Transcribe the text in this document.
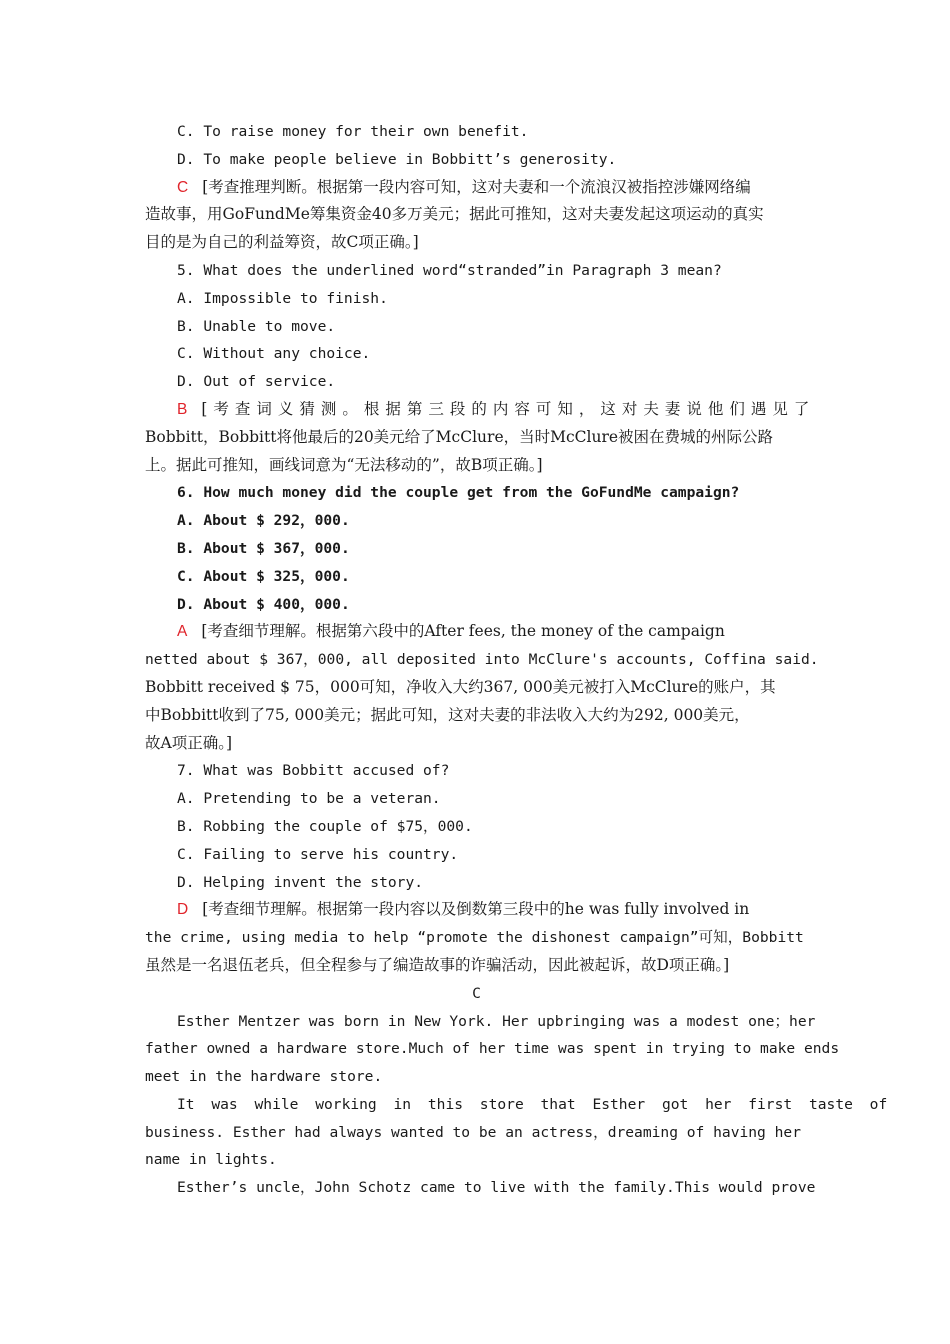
C. To raise money for their own benefit.
D. To make people believe in Bobbitt’s generosity.
C [考查推理判断。根据第一段内容可知，这对夫妻和一个流浪汉被指控涉嫌网络编
造故事，用GoFundMe筹集资金40多万美元；据此可推知，这对夫妻发起这项运动的真实
目的是为自己的利益筹资，故C项正确。]
5. What does the underlined word“stranded”in Paragraph 3 mean?
A. Impossible to finish.
B. Unable to move.
C. Without any choice.
D. Out of service.
B [考查词义猜测。根据第三段的内容可知，这对夫妻说他们遇见了
Bobbitt，Bobbitt将他最后的20美元给了McClure，当时McClure被困在费城的州际公路
上。据此可推知，画线词意为“无法移动的”，故B项正确。]
6. How much money did the couple get from the GoFundMe campaign?
A. About $ 292，000.
B. About $ 367，000.
C. About $ 325，000.
D. About $ 400，000.
A [考查细节理解。根据第六段中的After fees, the money of the campaign
netted about $ 367，000, all deposited into McClure's accounts, Coffina said.
Bobbitt received $ 75，000可知，净收入大约367, 000美元被打入McClure的账户，其
中Bobbitt收到了75, 000美元；据此可知，这对夫妻的非法收入大约为292, 000美元，
故A项正确。]
7. What was Bobbitt accused of?
A. Pretending to be a veteran.
B. Robbing the couple of $75，000.
C. Failing to serve his country.
D. Helping invent the story.
D [考查细节理解。根据第一段内容以及倒数第三段中的he was fully involved in
the crime, using media to help “promote the dishonest campaign”可知，Bobbitt
虽然是一名退伍老兵，但全程参与了编造故事的诈骗活动，因此被起诉，故D项正确。]
C
Esther Mentzer was born in New York. Her upbringing was a modest one；her
father owned a hardware store.Much of her time was spent in trying to make ends
meet in the hardware store.
It was while working in this store that Esther got her first taste of
business. Esther had always wanted to be an actress，dreaming of having her
name in lights.
Esther’s uncle，John Schotz came to live with the family.This would prove
